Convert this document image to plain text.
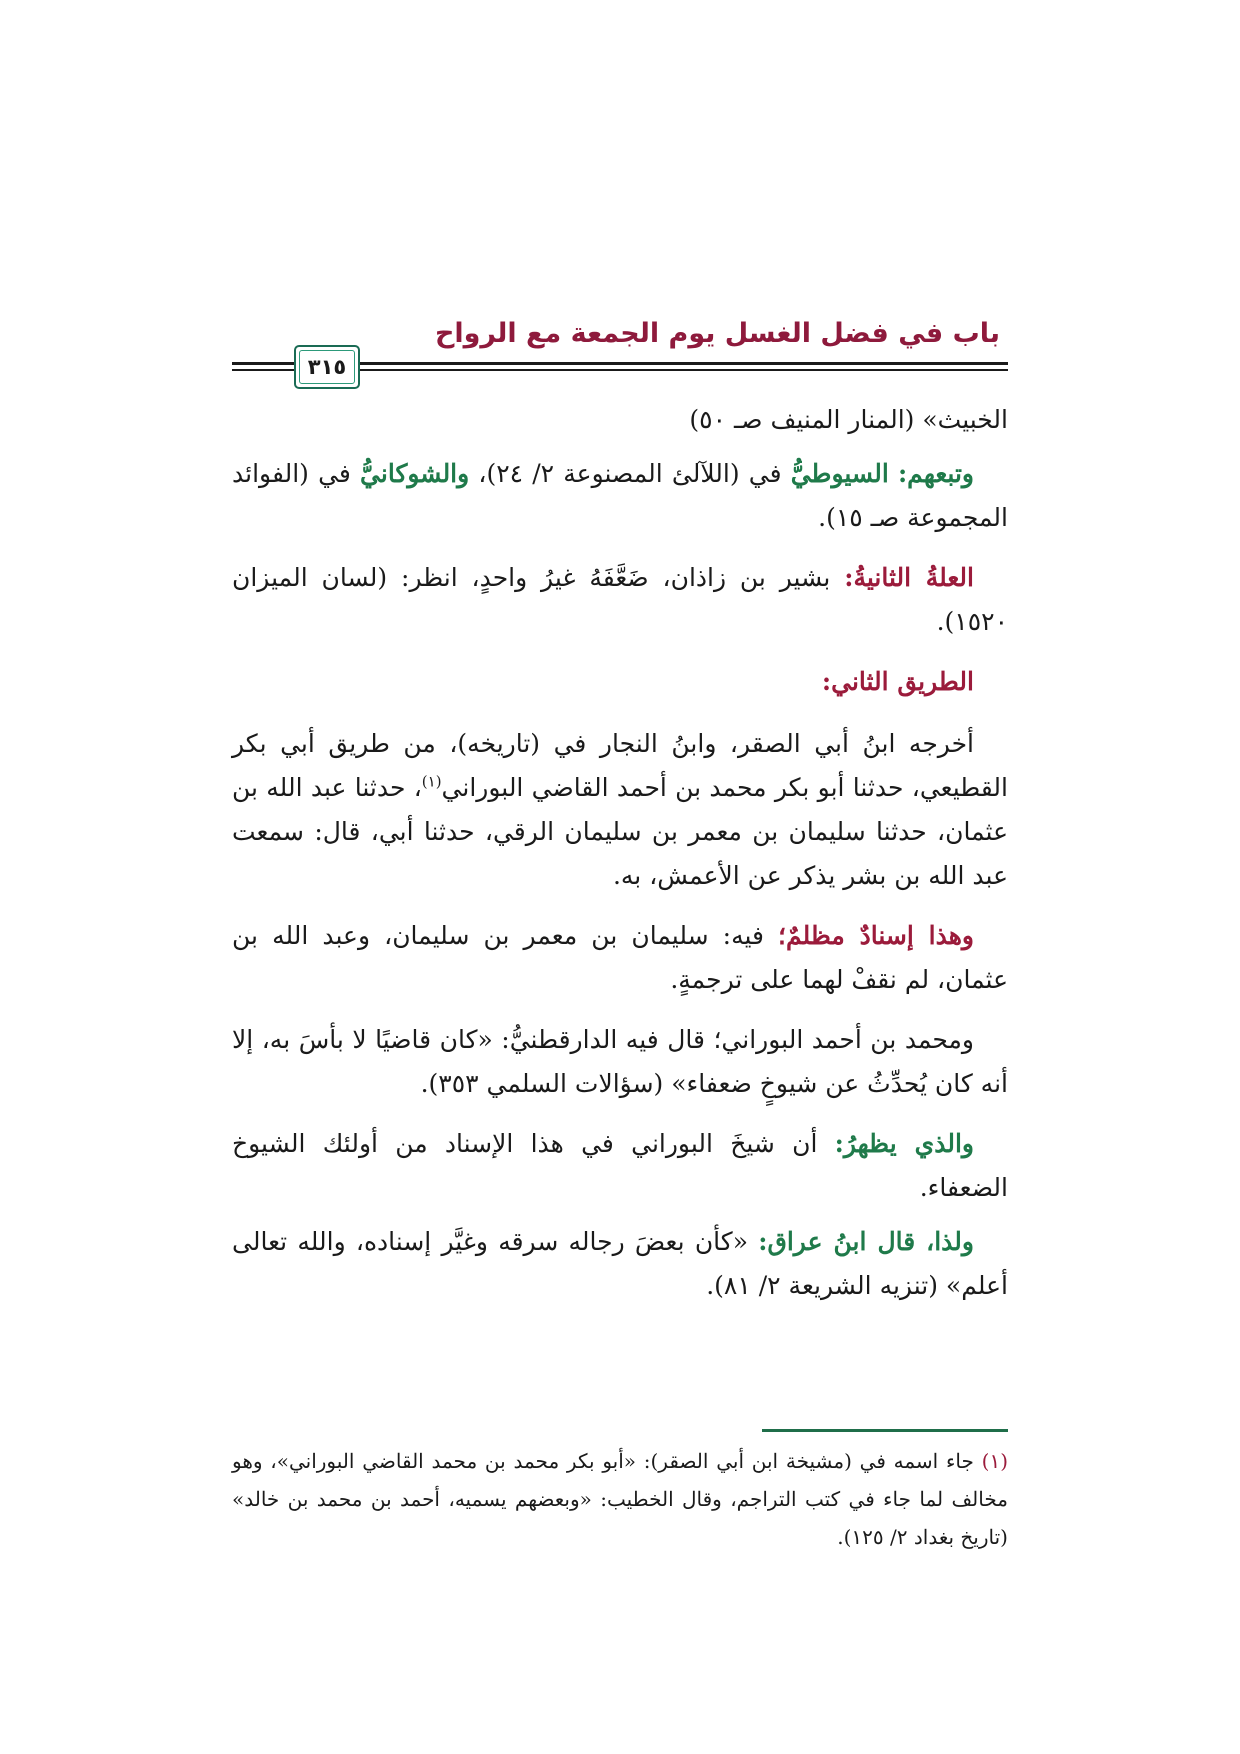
باب في فضل الغسل يوم الجمعة مع الرواح
٣١٥

الخبيث» (المنار المنيف صـ ٥٠)

وتبعهم: السيوطيُّ في (اللآلئ المصنوعة ٢/ ٢٤)، والشوكانيُّ في (الفوائد المجموعة صـ ١٥).

العلةُ الثانيةُ: بشير بن زاذان، ضَعَّفَهُ غيرُ واحدٍ، انظر: (لسان الميزان ١٥٢٠).

الطريق الثاني:

أخرجه ابنُ أبي الصقر، وابنُ النجار في (تاريخه)، من طريق أبي بكر القطيعي، حدثنا أبو بكر محمد بن أحمد القاضي البوراني$^{(١)}$، حدثنا عبد الله بن عثمان، حدثنا سليمان بن معمر بن سليمان الرقي، حدثنا أبي، قال: سمعت عبد الله بن بشر يذكر عن الأعمش، به.

وهذا إسنادٌ مظلمٌ؛ فيه: سليمان بن معمر بن سليمان، وعبد الله بن عثمان، لم نقفْ لهما على ترجمةٍ.

ومحمد بن أحمد البوراني؛ قال فيه الدارقطنيُّ: «كان قاضيًا لا بأسَ به، إلا أنه كان يُحدِّثُ عن شيوخٍ ضعفاء» (سؤالات السلمي ٣٥٣).

والذي يظهرُ: أن شيخَ البوراني في هذا الإسناد من أولئك الشيوخ الضعفاء.

ولذا، قال ابنُ عراق: «كأن بعضَ رجاله سرقه وغيَّر إسناده، والله تعالى أعلم» (تنزيه الشريعة ٢/ ٨١).

(١) جاء اسمه في (مشيخة ابن أبي الصقر): «أبو بكر محمد بن محمد القاضي البوراني»، وهو مخالف لما جاء في كتب التراجم، وقال الخطيب: «وبعضهم يسميه، أحمد بن محمد بن خالد» (تاريخ بغداد ٢/ ١٢٥).
